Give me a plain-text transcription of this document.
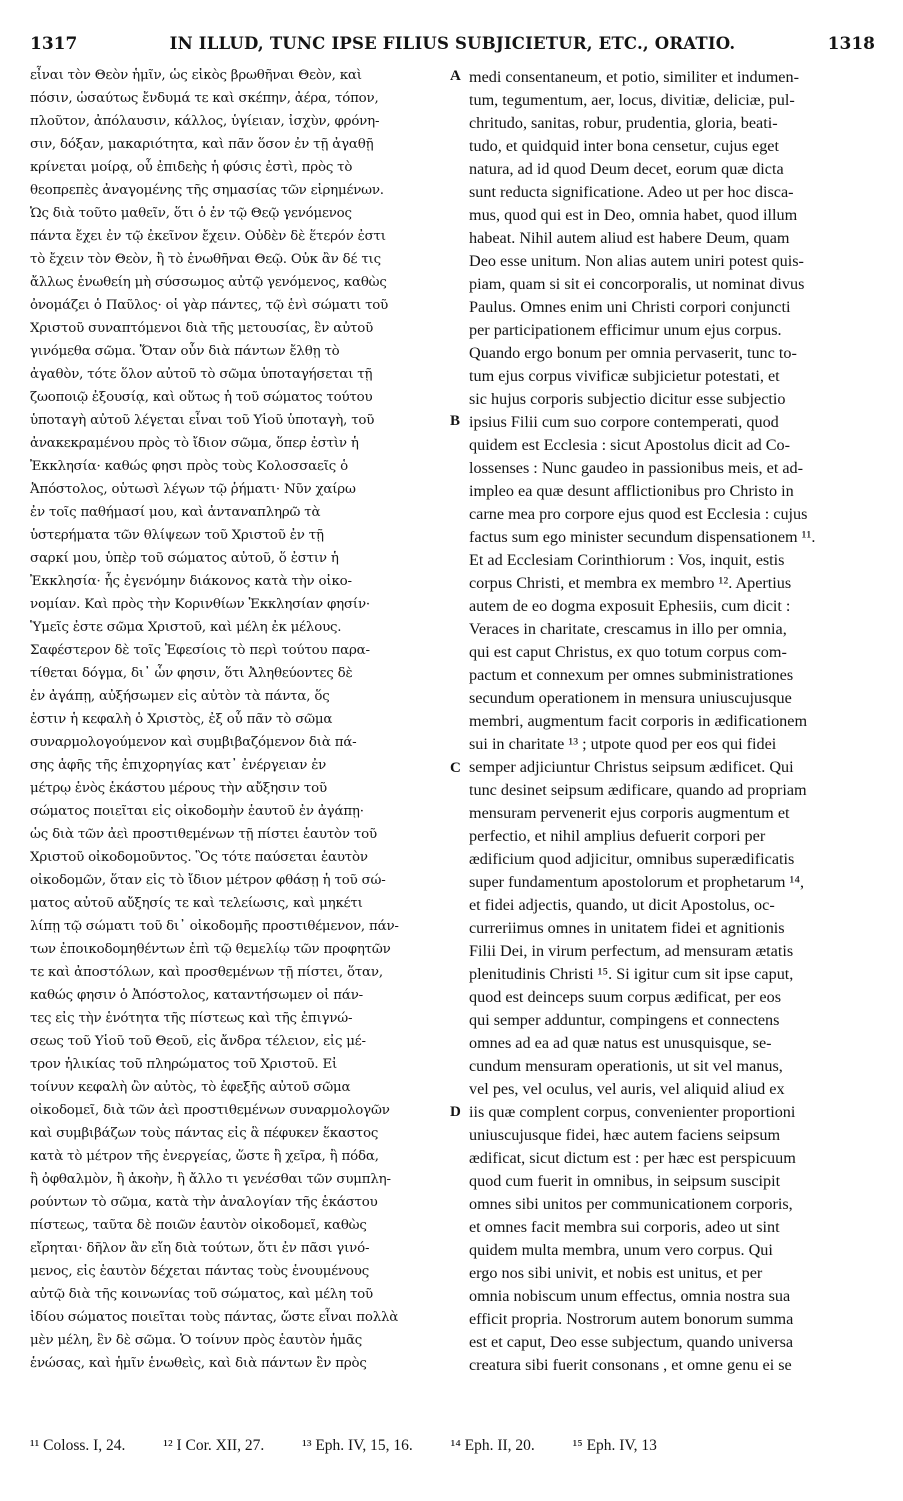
1317	IN ILLUD, TUNC IPSE FILIUS SUBJICIETUR, ETC., ORATIO.	1318
εἶναι τὸν Θεὸν ἡμῖν, ὡς εἰκὸς βρωθῆναι Θεὸν, καὶ
πόσιν, ὡσαύτως ἔνδυμά τε καὶ σκέπην, ἀέρα, τόπον,
πλοῦτον, ἀπόλαυσιν, κάλλος, ὑγίειαν, ἰσχὺν, φρόνη-
σιν, δόξαν, μακαριότητα, καὶ πᾶν ὅσον ἐν τῇ ἀγαθῇ
κρίνεται μοίρᾳ, οὗ ἐπιδεὴς ἡ φύσις ἐστὶ, πρὸς τὸ
θεοπρεπὲς ἀναγομένης τῆς σημασίας τῶν εἰρημένων.
Ὡς διὰ τοῦτο μαθεῖν, ὅτι ὁ ἐν τῷ Θεῷ γενόμενος
πάντα ἔχει ἐν τῷ ἐκεῖνον ἔχειν. Οὐδὲν δὲ ἕτερόν ἐστι
τὸ ἔχειν τὸν Θεὸν, ἢ τὸ ἑνωθῆναι Θεῷ. Οὐκ ἂν δέ τις
ἄλλως ἑνωθείη μὴ σύσσωμος αὐτῷ γενόμενος, καθὼς
ὀνομάζει ὁ Παῦλος· οἱ γὰρ πάντες, τῷ ἑνὶ σώματι τοῦ
Χριστοῦ συναπτόμενοι διὰ τῆς μετουσίας, ἓν αὐτοῦ
γινόμεθα σῶμα. Ὅταν οὖν διὰ πάντων ἔλθῃ τὸ
ἀγαθὸν, τότε ὅλον αὐτοῦ τὸ σῶμα ὑποταγήσεται τῇ
ζωοποιῷ ἐξουσίᾳ, καὶ οὕτως ἡ τοῦ σώματος τούτου
ὑποταγὴ αὐτοῦ λέγεται εἶναι τοῦ Υἱοῦ ὑποταγὴ, τοῦ
ἀνακεκραμένου πρὸς τὸ ἴδιον σῶμα, ὅπερ ἐστὶν ἡ
Ἐκκλησία· καθώς φησι πρὸς τοὺς Κολοσσαεῖς ὁ
Ἀπόστολος, οὑτωσὶ λέγων τῷ ῥήματι· Νῦν χαίρω
ἐν τοῖς παθήμασί μου, καὶ ἀνταναπληρῶ τὰ
ὑστερήματα τῶν θλίψεων τοῦ Χριστοῦ ἐν τῇ
σαρκί μου, ὑπὲρ τοῦ σώματος αὐτοῦ, ὅ ἐστιν ἡ
Ἐκκλησία· ἧς ἐγενόμην διάκονος κατὰ τὴν οἰκο-
νομίαν. Καὶ πρὸς τὴν Κορινθίων Ἐκκλησίαν φησίν·
Ὑμεῖς ἐστε σῶμα Χριστοῦ, καὶ μέλη ἐκ μέλους.
Σαφέστερον δὲ τοῖς Ἐφεσίοις τὸ περὶ τούτου παρα-
τίθεται δόγμα, δι᾽ ὧν φησιν, ὅτι Ἀληθεύοντες δὲ
ἐν ἀγάπῃ, αὐξήσωμεν εἰς αὐτὸν τὰ πάντα, ὅς
ἐστιν ἡ κεφαλὴ ὁ Χριστὸς, ἐξ οὗ πᾶν τὸ σῶμα
συναρμολογούμενον καὶ συμβιβαζόμενον διὰ πά-
σης ἁφῆς τῆς ἐπιχορηγίας κατ᾽ ἐνέργειαν ἐν
μέτρῳ ἑνὸς ἑκάστου μέρους τὴν αὔξησιν τοῦ
σώματος ποιεῖται εἰς οἰκοδομὴν ἑαυτοῦ ἐν ἀγάπῃ·
ὡς διὰ τῶν ἀεὶ προστιθεμένων τῇ πίστει ἑαυτὸν τοῦ
Χριστοῦ οἰκοδομοῦντος. Ὃς τότε παύσεται ἑαυτὸν
οἰκοδομῶν, ὅταν εἰς τὸ ἴδιον μέτρον φθάσῃ ἡ τοῦ σώ-
ματος αὐτοῦ αὔξησίς τε καὶ τελείωσις, καὶ μηκέτι
λίπῃ τῷ σώματι τοῦ δι᾽ οἰκοδομῆς προστιθέμενον, πάν-
των ἐποικοδομηθέντων ἐπὶ τῷ θεμελίῳ τῶν προφητῶν
τε καὶ ἀποστόλων, καὶ προσθεμένων τῇ πίστει, ὅταν,
καθώς φησιν ὁ Ἀπόστολος, καταντήσωμεν οἱ πάν-
τες εἰς τὴν ἑνότητα τῆς πίστεως καὶ τῆς ἐπιγνώ-
σεως τοῦ Υἱοῦ τοῦ Θεοῦ, εἰς ἄνδρα τέλειον, εἰς μέ-
τρον ἡλικίας τοῦ πληρώματος τοῦ Χριστοῦ. Εἰ
τοίνυν κεφαλὴ ὢν αὐτὸς, τὸ ἐφεξῆς αὐτοῦ σῶμα
οἰκοδομεῖ, διὰ τῶν ἀεὶ προστιθεμένων συναρμολογῶν
καὶ συμβιβάζων τοὺς πάντας εἰς ἃ πέφυκεν ἕκαστος
κατὰ τὸ μέτρον τῆς ἐνεργείας, ὥστε ἢ χεῖρα, ἢ πόδα,
ἢ ὀφθαλμὸν, ἢ ἀκοὴν, ἢ ἄλλο τι γενέσθαι τῶν συμπλη-
ρούντων τὸ σῶμα, κατὰ τὴν ἀναλογίαν τῆς ἑκάστου
πίστεως, ταῦτα δὲ ποιῶν ἑαυτὸν οἰκοδομεῖ, καθὼς
εἴρηται· δῆλον ἂν εἴη διὰ τούτων, ὅτι ἐν πᾶσι γινό-
μενος, εἰς ἑαυτὸν δέχεται πάντας τοὺς ἑνουμένους
αὐτῷ διὰ τῆς κοινωνίας τοῦ σώματος, καὶ μέλη τοῦ
ἰδίου σώματος ποιεῖται τοὺς πάντας, ὥστε εἶναι πολλὰ
μὲν μέλη, ἓν δὲ σῶμα. Ὁ τοίνυν πρὸς ἑαυτὸν ἡμᾶς
ἑνώσας, καὶ ἡμῖν ἑνωθεὶς, καὶ διὰ πάντων ἓν πρὸς
medi consentaneum, et potio, similiter et indumen-
tum, tegumentum, aer, locus, divitiæ, deliciæ, pul-
chritudo, sanitas, robur, prudentia, gloria, beati-
tudo, et quidquid inter bona censetur, cujus eget
natura, ad id quod Deum decet, eorum quæ dicta
sunt reducta significatione. Adeo ut per hoc disca-
mus, quod qui est in Deo, omnia habet, quod illum
habeat. Nihil autem aliud est habere Deum, quam
Deo esse unitum. Non alias autem uniri potest quis-
piam, quam si sit ei concorporalis, ut nominat divus
Paulus. Omnes enim uni Christi corpori conjuncti
per participationem efficimur unum ejus corpus.
Quando ergo bonum per omnia pervaserit, tunc to-
tum ejus corpus vivificæ subjicietur potestati, et
sic hujus corporis subjectio dicitur esse subjectio
ipsius Filii cum suo corpore contemperati, quod
quidem est Ecclesia : sicut Apostolus dicit ad Co-
lossenses : Nunc gaudeo in passionibus meis, et ad-
impleo ea quæ desunt afflictionibus pro Christo in
carne mea pro corpore ejus quod est Ecclesia : cujus
factus sum ego minister secundum dispensationem ¹¹.
Et ad Ecclesiam Corinthiorum : Vos, inquit, estis
corpus Christi, et membra ex membro ¹². Apertius
autem de eo dogma exposuit Ephesiis, cum dicit :
Veraces in charitate, crescamus in illo per omnia,
qui est caput Christus, ex quo totum corpus com-
pactum et connexum per omnes subministrationes
secundum operationem in mensura uniuscujusque
membri, augmentum facit corporis in ædificationem
sui in charitate ¹³ ; utpote quod per eos qui fidei
semper adjiciuntur Christus seipsum ædificet. Qui
tunc desinet seipsum ædificare, quando ad propriam
mensuram pervenerit ejus corporis augmentum et
perfectio, et nihil amplius defuerit corpori per
ædificium quod adjicitur, omnibus superædificatis
super fundamentum apostolorum et prophetarum ¹⁴,
et fidei adjectis, quando, ut dicit Apostolus, oc-
curreriimus omnes in unitatem fidei et agnitionis
Filii Dei, in virum perfectum, ad mensuram ætatis
plenitudinis Christi ¹⁵. Si igitur cum sit ipse caput,
quod est deinceps suum corpus ædificat, per eos
qui semper adduntur, compingens et connectens
omnes ad ea ad quæ natus est unusquisque, se-
cundum mensuram operationis, ut sit vel manus,
vel pes, vel oculus, vel auris, vel aliquid aliud ex
iis quæ complent corpus, convenienter proportioni
uniuscujusque fidei, hæc autem faciens seipsum
ædificat, sicut dictum est : per hæc est perspicuum
quod cum fuerit in omnibus, in seipsum suscipit
omnes sibi unitos per communicationem corporis,
et omnes facit membra sui corporis, adeo ut sint
quidem multa membra, unum vero corpus. Qui
ergo nos sibi univit, et nobis est unitus, et per
omnia nobiscum unum effectus, omnia nostra sua
efficit propria. Nostrorum autem bonorum summa
est et caput, Deo esse subjectum, quando universa
creatura sibi fuerit consonans , et omne genu ei se
A
B
C
D
¹¹ Coloss. I, 24. ¹² I Cor. XII, 27. ¹³ Eph. IV, 15, 16. ¹⁴ Eph. II, 20. ¹⁵ Eph. IV, 13
